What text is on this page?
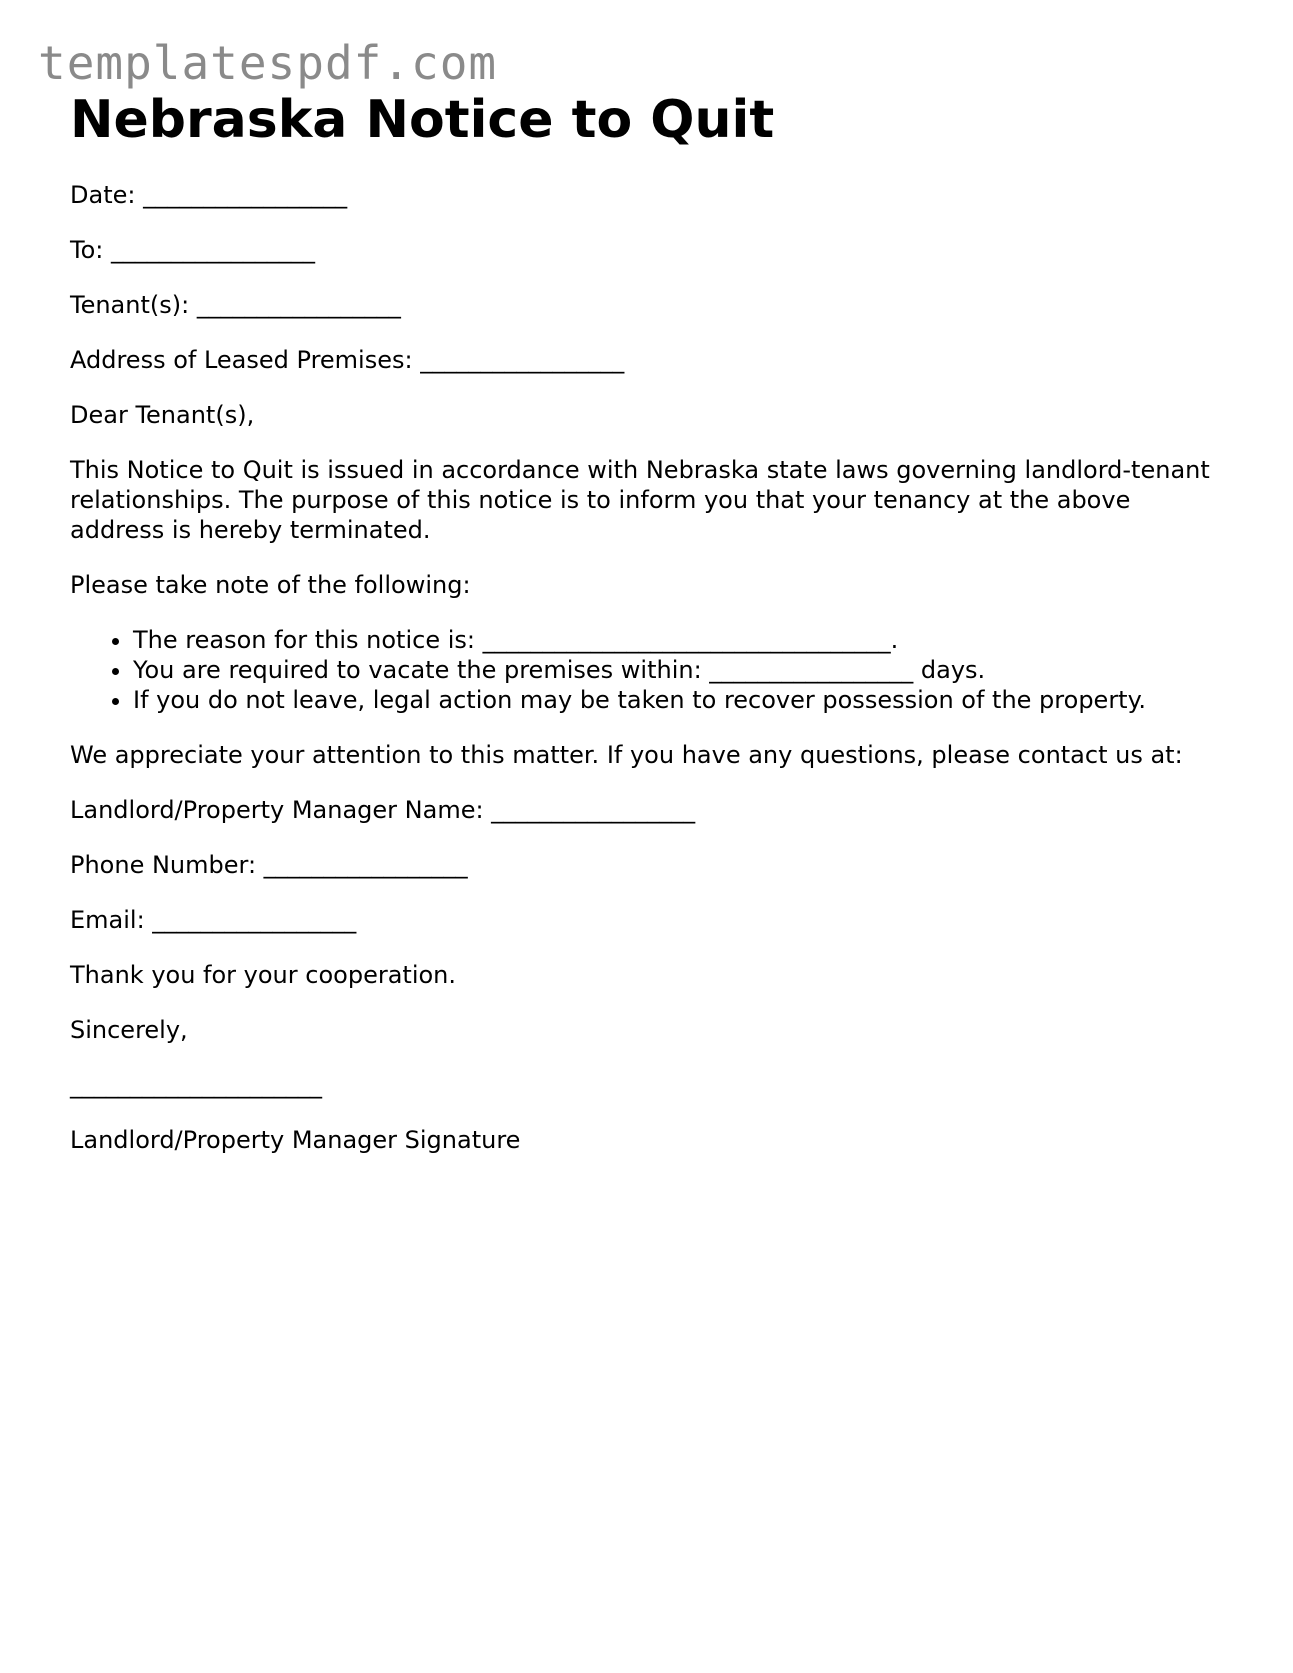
templatespdf.com
Nebraska Notice to Quit

Date: _________________

To: _________________

Tenant(s): _________________

Address of Leased Premises: _________________

Dear Tenant(s),

This Notice to Quit is issued in accordance with Nebraska state laws governing landlord-tenant relationships. The purpose of this notice is to inform you that your tenancy at the above address is hereby terminated.

Please take note of the following:

• The reason for this notice is: __________________________________.
• You are required to vacate the premises within: _________________ days.
• If you do not leave, legal action may be taken to recover possession of the property.

We appreciate your attention to this matter. If you have any questions, please contact us at:

Landlord/Property Manager Name: _________________

Phone Number: _________________

Email: _________________

Thank you for your cooperation.

Sincerely,

_____________________

Landlord/Property Manager Signature
